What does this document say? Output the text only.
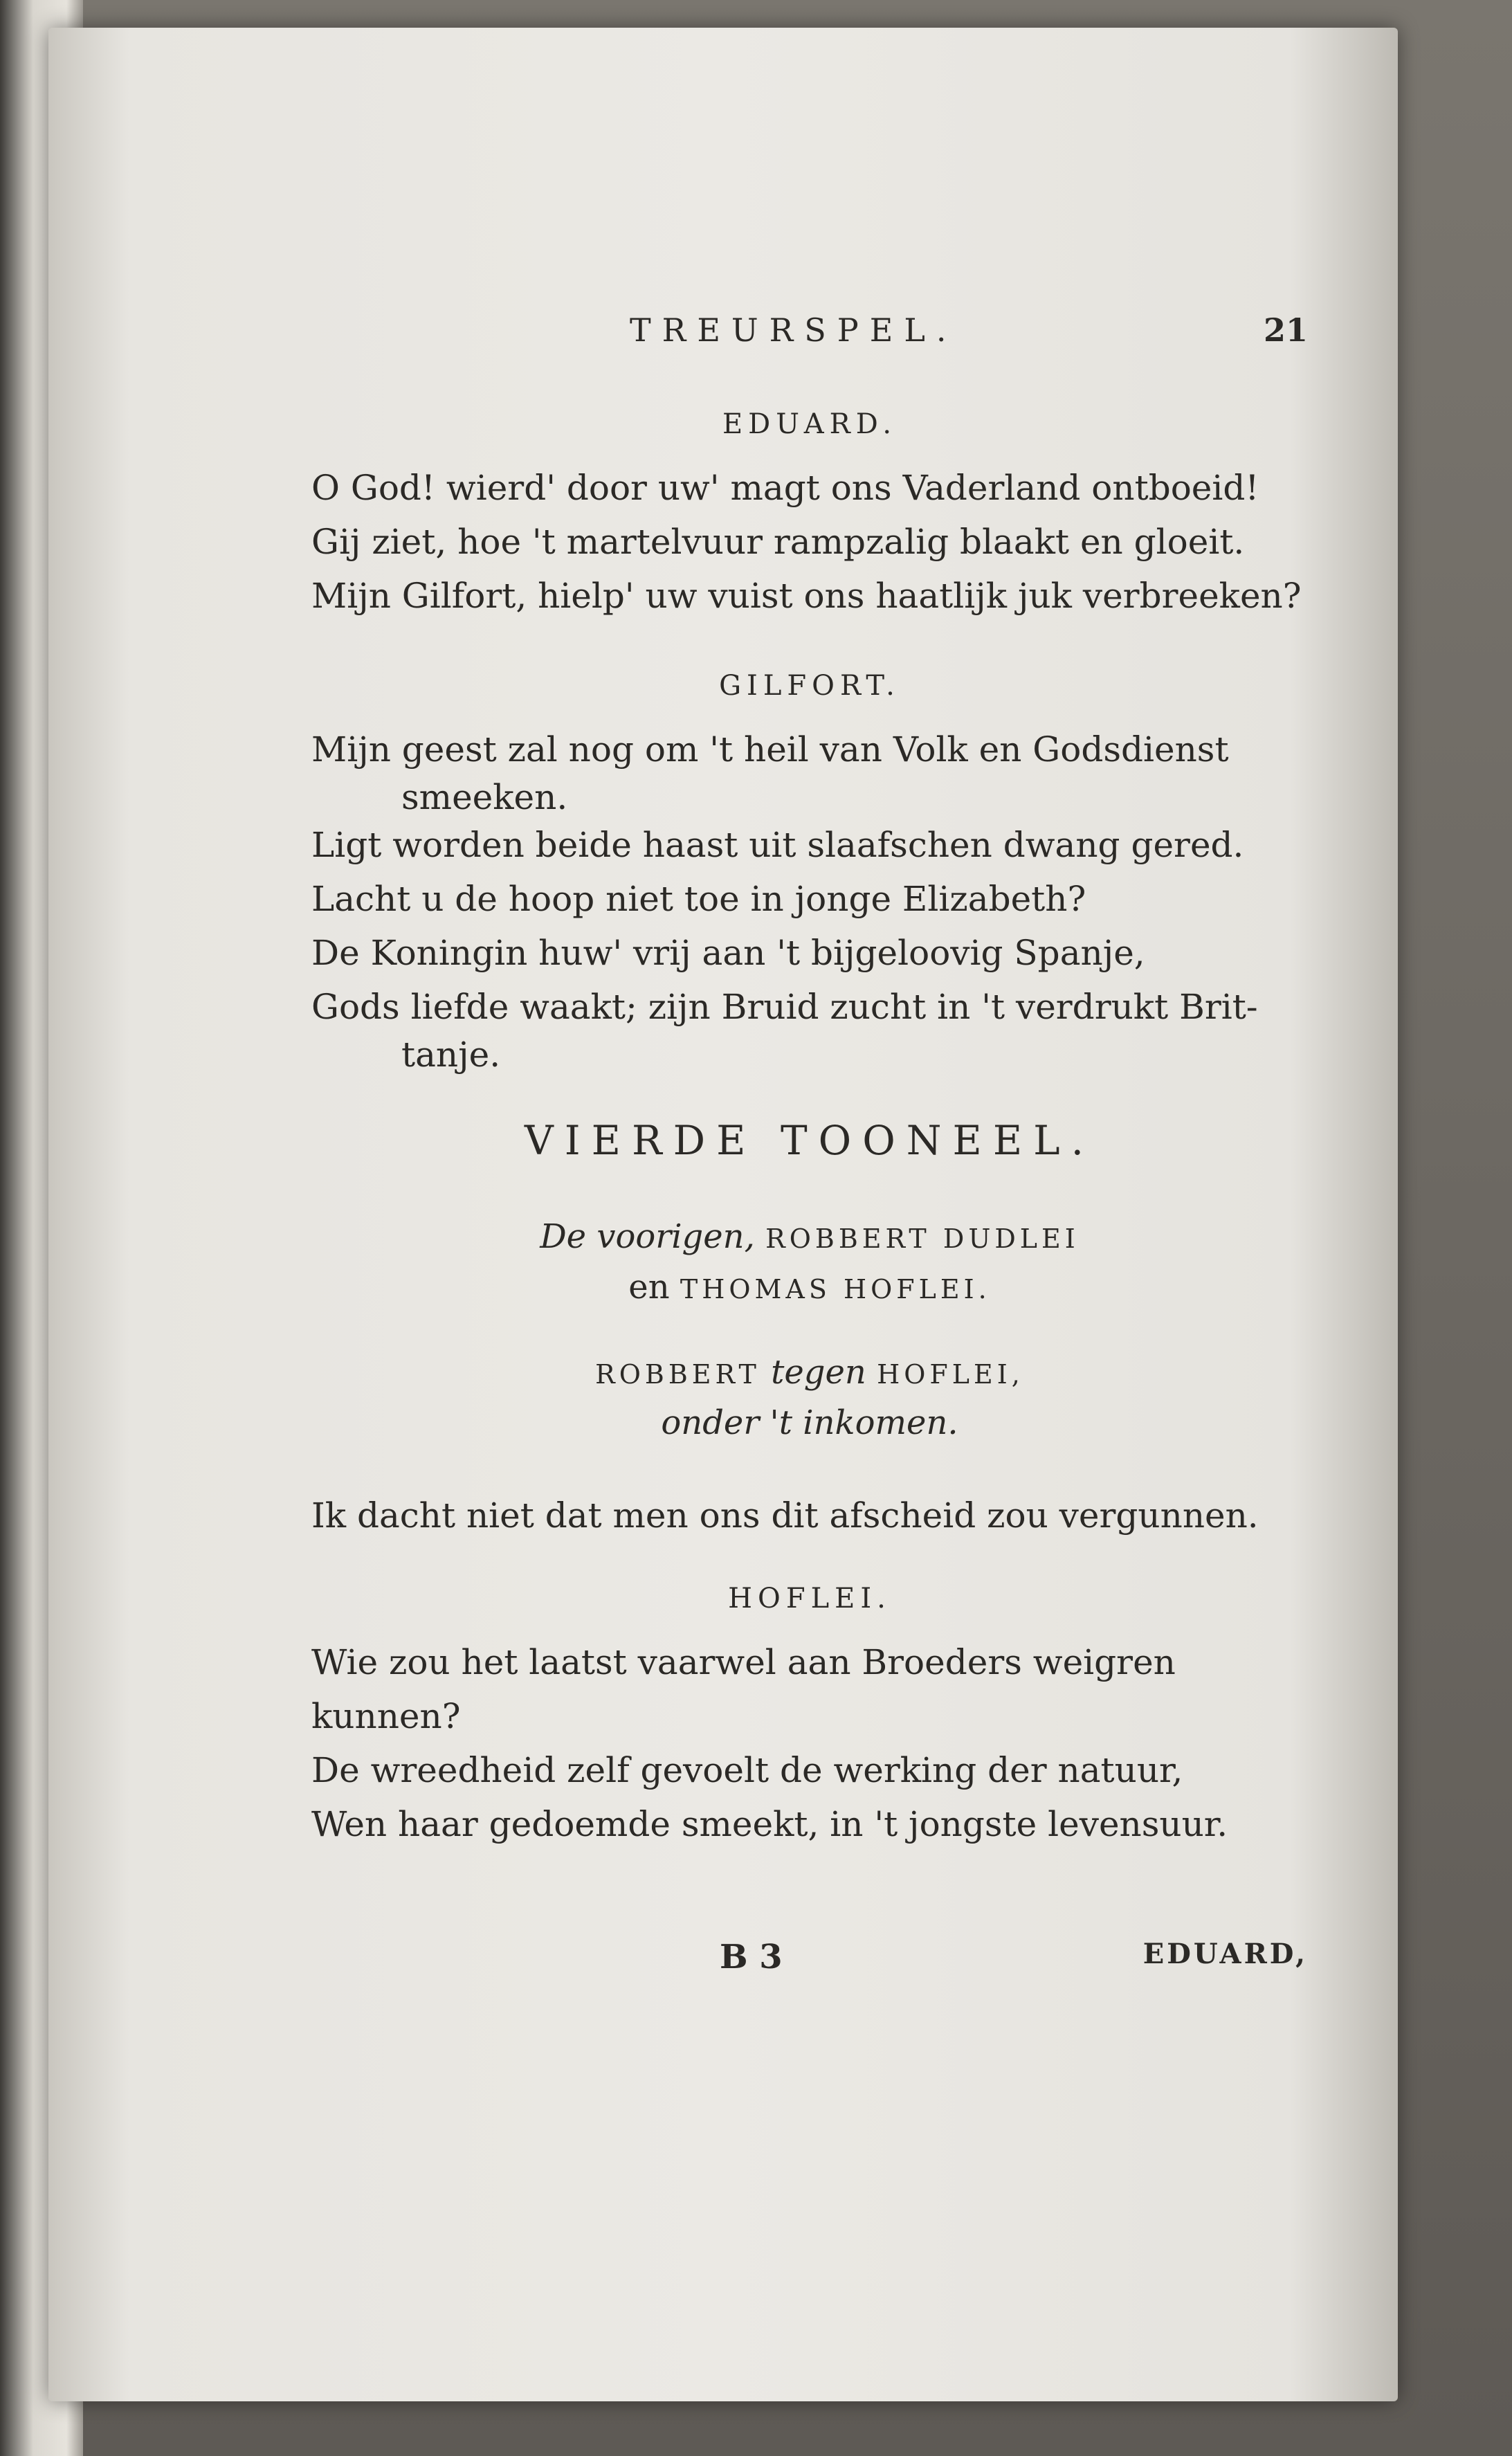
TREURSPEL.	21
EDUARD.
O God! wierd' door uw' magt ons Vaderland ontboeid!
Gij ziet, hoe 't martelvuur rampzalig blaakt en gloeit.
Mijn Gilfort, hielp' uw vuist ons haatlijk juk verbreeken?
GILFORT.
Mijn geest zal nog om 't heil van Volk en Godsdienst
smeeken.
Ligt worden beide haast uit slaafschen dwang gered.
Lacht u de hoop niet toe in jonge Elizabeth?
De Koningin huw' vrij aan 't bijgeloovig Spanje,
Gods liefde waakt; zijn Bruid zucht in 't verdrukt Brit-
tanje.
VIERDE TOONEEL.
De voorigen, ROBBERT DUDLEI
en THOMAS HOFLEI.
ROBBERT tegen HOFLEI,
onder 't inkomen.
Ik dacht niet dat men ons dit afscheid zou vergunnen.
HOFLEI.
Wie zou het laatst vaarwel aan Broeders weigren kunnen?
De wreedheid zelf gevoelt de werking der natuur,
Wen haar gedoemde smeekt, in 't jongste levensuur.
B 3	EDUARD,
